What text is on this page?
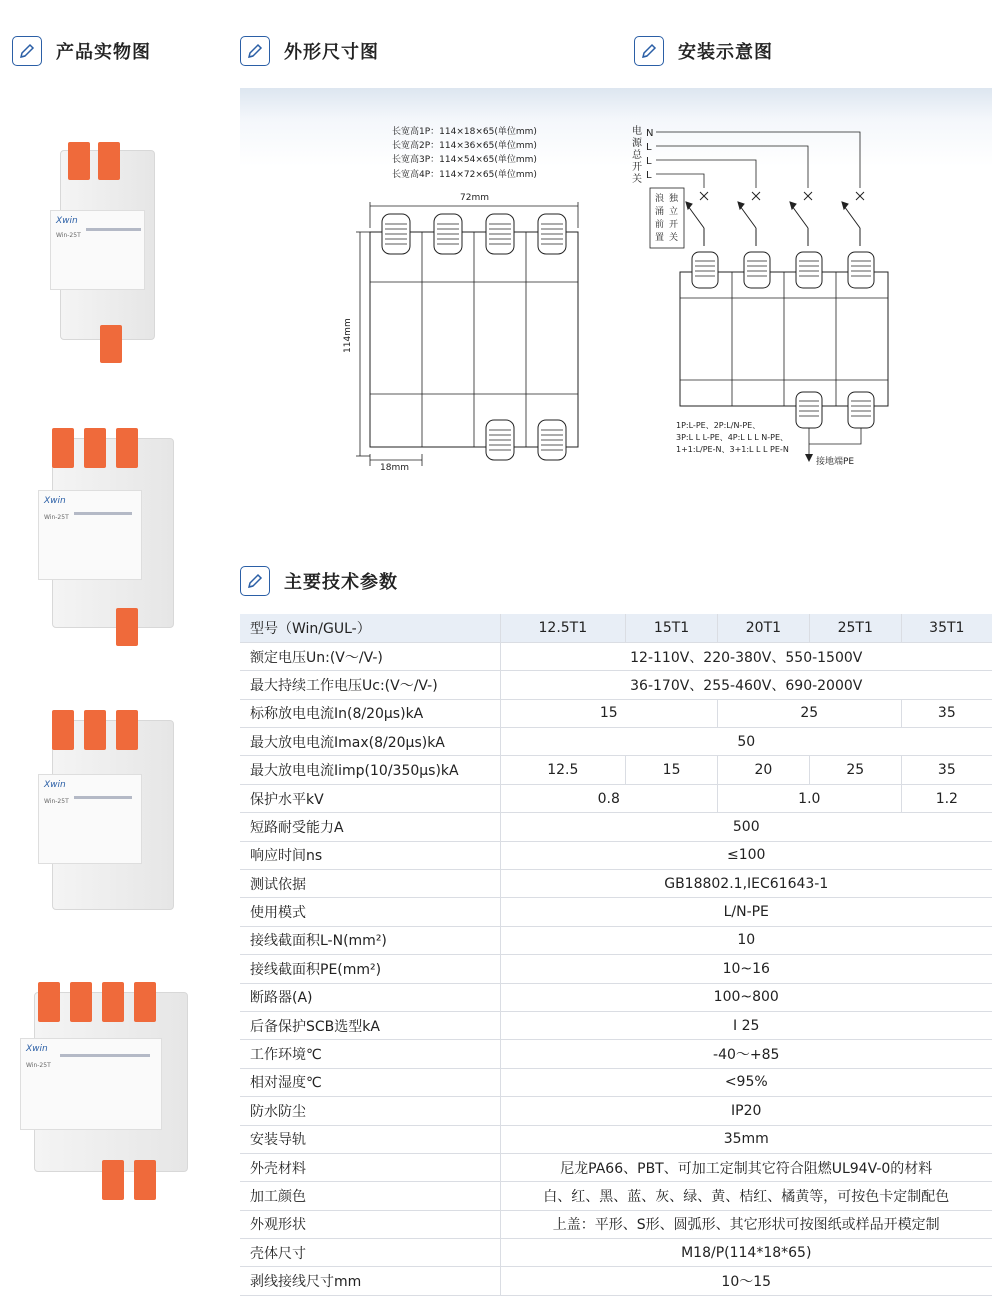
产品实物图	外形尺寸图	安装示意图
主要技术参数
Xwin
Win-25T
Xwin
Win-25T
Xwin
Win-25T
Xwin
Win-25T
长宽高1P：114×18×65(单位mm)
长宽高2P：114×36×65(单位mm)
长宽高3P：114×54×65(单位mm)
长宽高4P：114×72×65(单位mm)
72mm
114mm
18mm
电
源
总
开
关
N
L
L
L
浪
涌
前
置
独
立
开
关
1P:L-PE、2P:L/N-PE、
3P:L L L-PE、4P:L L L N-PE、
1+1:L/PE-N、3+1:L L L PE-N
接地端PE
型号（Win/GUL-）	12.5T1	15T1	20T1	25T1	35T1
额定电压Un:(V～/V-)	12-110V、220-380V、550-1500V				
最大持续工作电压Uc:(V～/V-)	36-170V、255-460V、690-2000V				
标称放电电流In(8/20µs)kA	15		25		35
最大放电电流Imax(8/20µs)kA	50				
最大放电电流Iimp(10/350µs)kA	12.5	15	20	25	35
保护水平kV	0.8		1.0		1.2
短路耐受能力A	500				
响应时间ns	≤100				
测试依据	GB18802.1,IEC61643-1				
使用模式	L/N-PE				
接线截面积L-N(mm²)	10				
接线截面积PE(mm²)	10~16				
断路器(A)	100~800				
后备保护SCB选型kA	I 25				
工作环境℃	-40～+85				
相对湿度℃	<95%				
防水防尘	IP20				
安装导轨	35mm				
外壳材料	尼龙PA66、PBT、可加工定制其它符合阻燃UL94V-0的材料				
加工颜色	白、红、黑、蓝、灰、绿、黄、桔红、橘黄等，可按色卡定制配色				
外观形状	上盖：平形、S形、圆弧形、其它形状可按图纸或样品开模定制				
壳体尺寸	M18/P(114*18*65)				
剥线接线尺寸mm	10～15				
